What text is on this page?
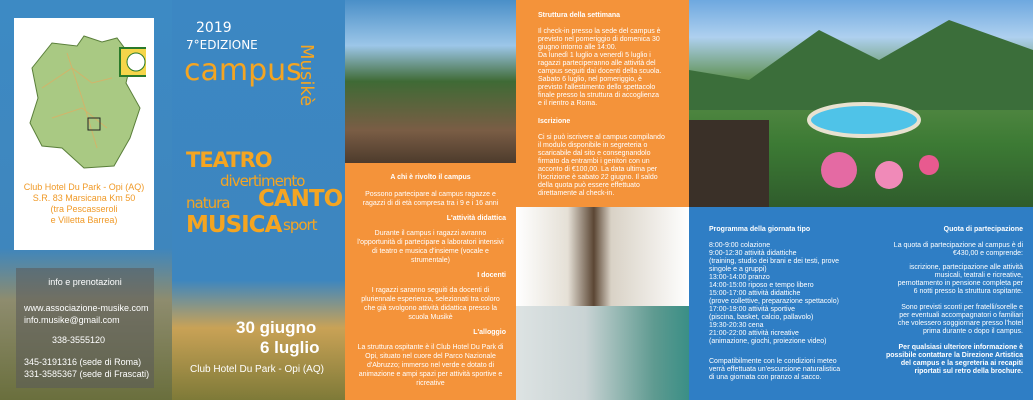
Club Hotel Du Park - Opi (AQ)
S.R. 83 Marsicana Km 50
(tra Pescasseroli
e Villetta Barrea)
info e prenotazioni
www.associazione-musike.com
info.musike@gmail.com
338-3555120
345-3191316 (sede di Roma)
331-3585367 (sede di Frascati)
2019
7°EDIZIONE
campus
Musikè
TEATRO
divertimento
natura CANTO
MUSICA sport
30 giugno
6 luglio
Club Hotel Du Park - Opi (AQ)
A chi è rivolto il campus
Possono partecipare al campus ragazze e ragazzi di di età compresa tra i 9 e i 16 anni
L'attività didattica
Durante il campus i ragazzi avranno l'opportunità di partecipare a laboratori intensivi di teatro e musica d'insieme (vocale e strumentale)
I docenti
I ragazzi saranno seguiti da docenti di pluriennale esperienza, selezionati tra coloro che già svolgono attività didattica presso la scuola Musikè
L'alloggio
La struttura ospitante è il Club Hotel Du Park di Opi, situato nel cuore del Parco Nazionale d'Abruzzo; immerso nel verde e dotato di animazione e ampi spazi per attività sportive e ricreative
Struttura della settimana
Il check-in presso la sede del campus è
previsto nel pomeriggio di domenica 30
giugno intorno alle 14:00.
Da lunedì 1 luglio a venerdì 5 luglio i
ragazzi parteciperanno alle attività del
campus seguiti dai docenti della scuola.
Sabato 6 luglio, nel pomeriggio, è
previsto l'allestimento dello spettacolo
finale presso la struttura di accoglienza
e il rientro a Roma.
Iscrizione
Ci si può iscrivere al campus compilando
il modulo disponibile in segreteria o
scaricabile dal sito e consegnandolo
firmato da entrambi i genitori con un
acconto di €100,00. La data ultima per
l'iscrizione è sabato 22 giugno. Il saldo
della quota può essere effettuato
direttamente al check-in.
Programma della giornata tipo
8:00-9:00 colazione
9:00-12:30 attività didattiche
(training, studio dei brani e dei testi, prove
singole e a gruppi)
13:00-14:00 pranzo
14:00-15:00 riposo e tempo libero
15:00-17:00 attività didattiche
(prove collettive, preparazione spettacolo)
17:00-19:00 attività sportive
(piscina, basket, calcio, pallavolo)
19:30-20:30 cena
21:00-22:00 attività ricreative
(animazione, giochi, proiezione video)
Compatibilmente con le condizioni meteo
verrà effettuata un'escursione naturalistica
di una giornata con pranzo al sacco.
Quota di partecipazione
La quota di partecipazione al campus è di
€430,00 e comprende:
iscrizione, partecipazione alle attività
musicali, teatrali e ricreative,
pernottamento in pensione completa per
6 notti presso la struttura ospitante.
Sono previsti sconti per fratelli/sorelle e
per eventuali accompagnatori o familiari
che volessero soggiornare presso l'hotel
prima durante o dopo il campus.
Per qualsiasi ulteriore informazione è
possibile contattare la Direzione Artistica
del campus e la segreteria ai recapiti
riportati sul retro della brochure.
